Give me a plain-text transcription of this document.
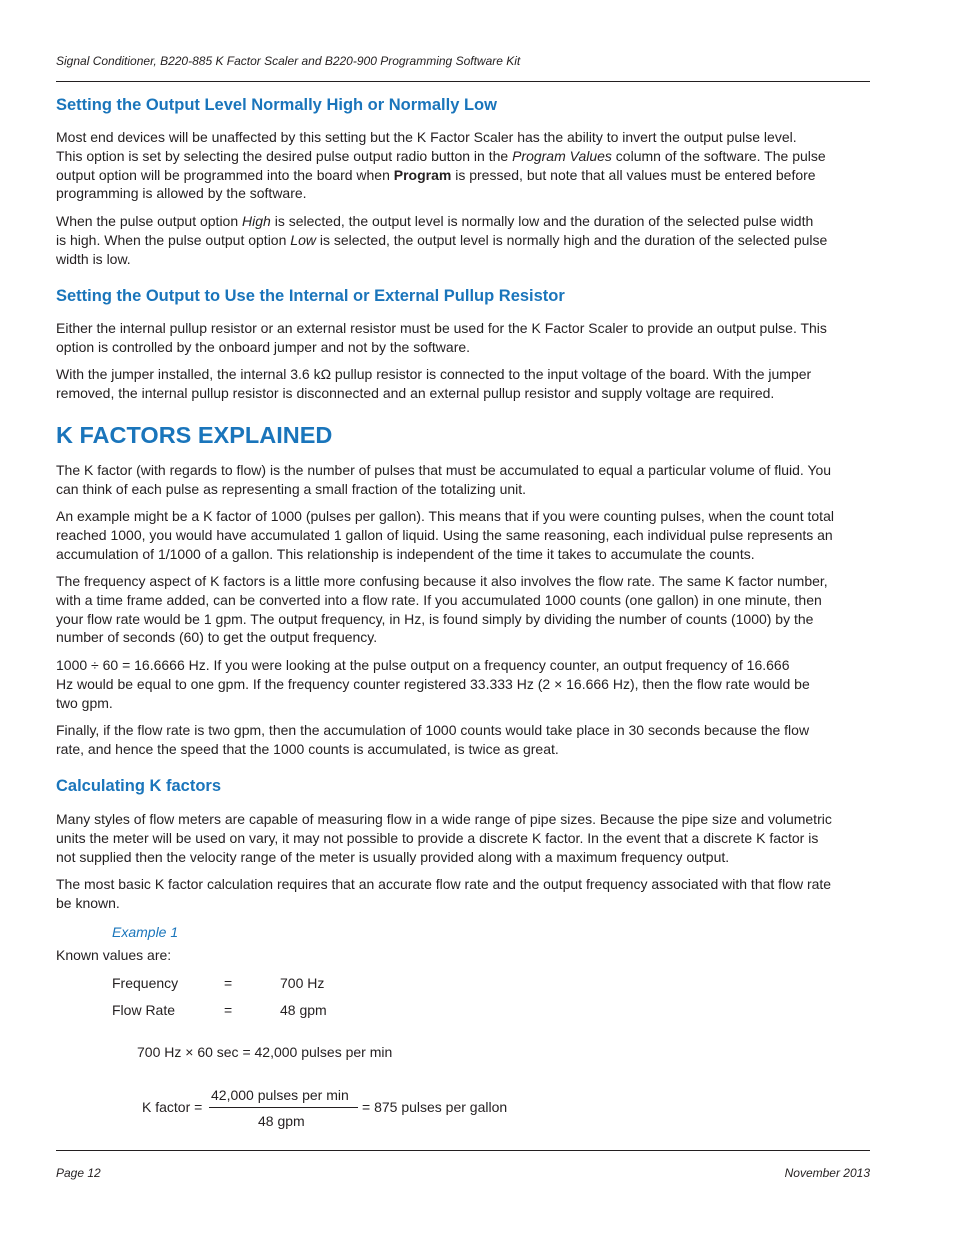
Signal Conditioner, B220-885 K Factor Scaler and B220-900 Programming Software Kit
Setting the Output Level Normally High or Normally Low
Most end devices will be unaffected by this setting but the K Factor Scaler has the ability to invert the output pulse level.
This option is set by selecting the desired pulse output radio button in the Program Values column of the software. The pulse
output option will be programmed into the board when Program is pressed, but note that all values must be entered before
programming is allowed by the software.
When the pulse output option High is selected, the output level is normally low and the duration of the selected pulse width
is high. When the pulse output option Low is selected, the output level is normally high and the duration of the selected pulse
width is low.
Setting the Output to Use the Internal or External Pullup Resistor
Either the internal pullup resistor or an external resistor must be used for the K Factor Scaler to provide an output pulse. This
option is controlled by the onboard jumper and not by the software.
With the jumper installed, the internal 3.6 kΩ pullup resistor is connected to the input voltage of the board. With the jumper
removed, the internal pullup resistor is disconnected and an external pullup resistor and supply voltage are required.
K FACTORS EXPLAINED
The K factor (with regards to flow) is the number of pulses that must be accumulated to equal a particular volume of fluid. You
can think of each pulse as representing a small fraction of the totalizing unit.
An example might be a K factor of 1000 (pulses per gallon). This means that if you were counting pulses, when the count total
reached 1000, you would have accumulated 1 gallon of liquid. Using the same reasoning, each individual pulse represents an
accumulation of 1/1000 of a gallon. This relationship is independent of the time it takes to accumulate the counts.
The frequency aspect of K factors is a little more confusing because it also involves the flow rate. The same K factor number,
with a time frame added, can be converted into a flow rate. If you accumulated 1000 counts (one gallon) in one minute, then
your flow rate would be 1 gpm. The output frequency, in Hz, is found simply by dividing the number of counts (1000) by the
number of seconds (60) to get the output frequency.
1000 ÷ 60 = 16.6666 Hz. If you were looking at the pulse output on a frequency counter, an output frequency of 16.666
Hz would be equal to one gpm. If the frequency counter registered 33.333 Hz (2 × 16.666 Hz), then the flow rate would be
two gpm.
Finally, if the flow rate is two gpm, then the accumulation of 1000 counts would take place in 30 seconds because the flow
rate, and hence the speed that the 1000 counts is accumulated, is twice as great.
Calculating K factors
Many styles of flow meters are capable of measuring flow in a wide range of pipe sizes. Because the pipe size and volumetric
units the meter will be used on vary, it may not possible to provide a discrete K factor. In the event that a discrete K factor is
not supplied then the velocity range of the meter is usually provided along with a maximum frequency output.
The most basic K factor calculation requires that an accurate flow rate and the output frequency associated with that flow rate
be known.
Example 1
Known values are:
Frequency	=	700 Hz
Flow Rate	=	48 gpm
700 Hz × 60 sec = 42,000 pulses per min
K factor =
42,000 pulses per min
48 gpm
= 875 pulses per gallon
Page 12	November 2013
